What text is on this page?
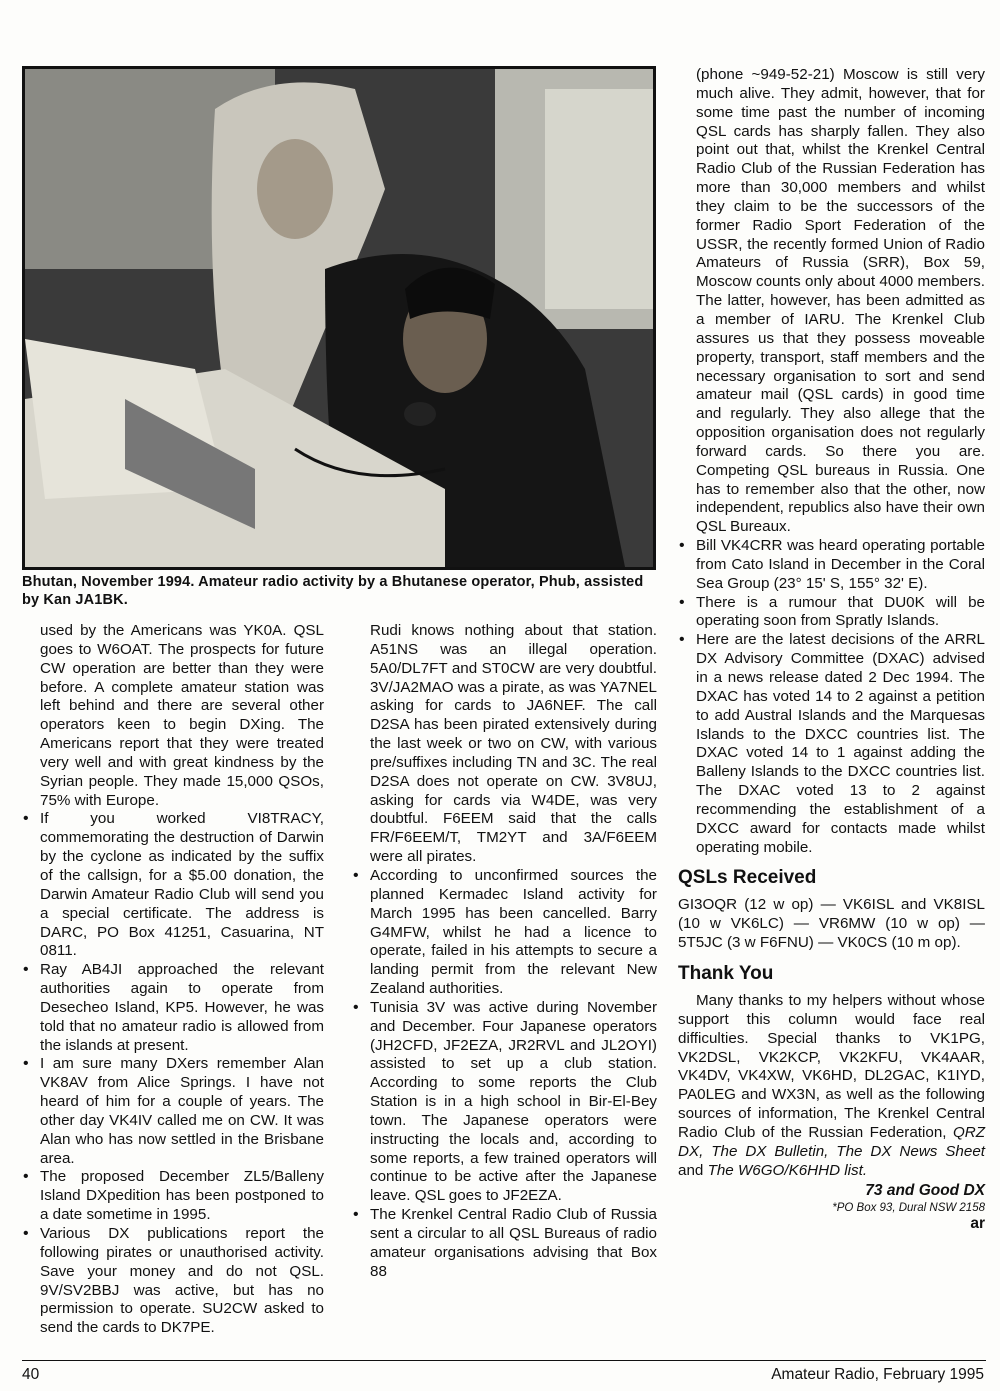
Bhutan, November 1994. Amateur radio activity by a Bhutanese operator, Phub, assisted by Kan JA1BK.

used by the Americans was YK0A. QSL goes to W6OAT. The prospects for future CW operation are better than they were before. A complete amateur station was left behind and there are several other operators keen to begin DXing. The Americans report that they were treated very well and with great kindness by the Syrian people. They made 15,000 QSOs, 75% with Europe.

• If you worked VI8TRACY, commemorating the destruction of Darwin by the cyclone as indicated by the suffix of the callsign, for a $5.00 donation, the Darwin Amateur Radio Club will send you a special certificate. The address is DARC, PO Box 41251, Casuarina, NT 0811.
• Ray AB4JI approached the relevant authorities again to operate from Desecheo Island, KP5. However, he was told that no amateur radio is allowed from the islands at present.
• I am sure many DXers remember Alan VK8AV from Alice Springs. I have not heard of him for a couple of years. The other day VK4IV called me on CW. It was Alan who has now settled in the Brisbane area.
• The proposed December ZL5/Balleny Island DXpedition has been postponed to a date sometime in 1995.
• Various DX publications report the following pirates or unauthorised activity. Save your money and do not QSL. 9V/SV2BBJ was active, but has no permission to operate. SU2CW asked to send the cards to DK7PE.

Rudi knows nothing about that station. A51NS was an illegal operation. 5A0/DL7FT and ST0CW are very doubtful. 3V/JA2MAO was a pirate, as was YA7NEL asking for cards to JA6NEF. The call D2SA has been pirated extensively during the last week or two on CW, with various pre/suffixes including TN and 3C. The real D2SA does not operate on CW. 3V8UJ, asking for cards via W4DE, was very doubtful. F6EEM said that the calls FR/F6EEM/T, TM2YT and 3A/F6EEM were all pirates.

• According to unconfirmed sources the planned Kermadec Island activity for March 1995 has been cancelled. Barry G4MFW, whilst he had a licence to operate, failed in his attempts to secure a landing permit from the relevant New Zealand authorities.
• Tunisia 3V was active during November and December. Four Japanese operators (JH2CFD, JF2EZA, JR2RVL and JL2OYI) assisted to set up a club station. According to some reports the Club Station is in a high school in Bir-El-Bey town. The Japanese operators were instructing the locals and, according to some reports, a few trained operators will continue to be active after the Japanese leave. QSL goes to JF2EZA.
• The Krenkel Central Radio Club of Russia sent a circular to all QSL Bureaus of radio amateur organisations advising that Box 88

(phone ~949-52-21) Moscow is still very much alive. They admit, however, that for some time past the number of incoming QSL cards has sharply fallen. They also point out that, whilst the Krenkel Central Radio Club of the Russian Federation has more than 30,000 members and whilst they claim to be the successors of the former Radio Sport Federation of the USSR, the recently formed Union of Radio Amateurs of Russia (SRR), Box 59, Moscow counts only about 4000 members. The latter, however, has been admitted as a member of IARU. The Krenkel Club assures us that they possess moveable property, transport, staff members and the necessary organisation to sort and send amateur mail (QSL cards) in good time and regularly. They also allege that the opposition organisation does not regularly forward cards. So there you are. Competing QSL bureaus in Russia. One has to remember also that the other, now independent, republics also have their own QSL Bureaux.

• Bill VK4CRR was heard operating portable from Cato Island in December in the Coral Sea Group (23° 15' S, 155° 32' E).
• There is a rumour that DU0K will be operating soon from Spratly Islands.
• Here are the latest decisions of the ARRL DX Advisory Committee (DXAC) advised in a news release dated 2 Dec 1994. The DXAC has voted 14 to 2 against a petition to add Austral Islands and the Marquesas Islands to the DXCC countries list. The DXAC voted 14 to 1 against adding the Balleny Islands to the DXCC countries list. The DXAC voted 13 to 2 against recommending the establishment of a DXCC award for contacts made whilst operating mobile.
QSLs Received

GI3OQR (12 w op) — VK6ISL and VK8ISL (10 w VK6LC) — VR6MW (10 w op) — 5T5JC (3 w F6FNU) — VK0CS (10 m op).

Thank You

Many thanks to my helpers without whose support this column would face real difficulties. Special thanks to VK1PG, VK2DSL, VK2KCP, VK2KFU, VK4AAR, VK4DV, VK4XW, VK6HD, DL2GAC, K1IYD, PA0LEG and WX3N, as well as the following sources of information, The Krenkel Central Radio Club of the Russian Federation, QRZ DX, The DX Bulletin, The DX News Sheet and The W6GO/K6HHD list.

73 and Good DX
*PO Box 93, Dural NSW 2158
ar
40	Amateur Radio, February 1995
